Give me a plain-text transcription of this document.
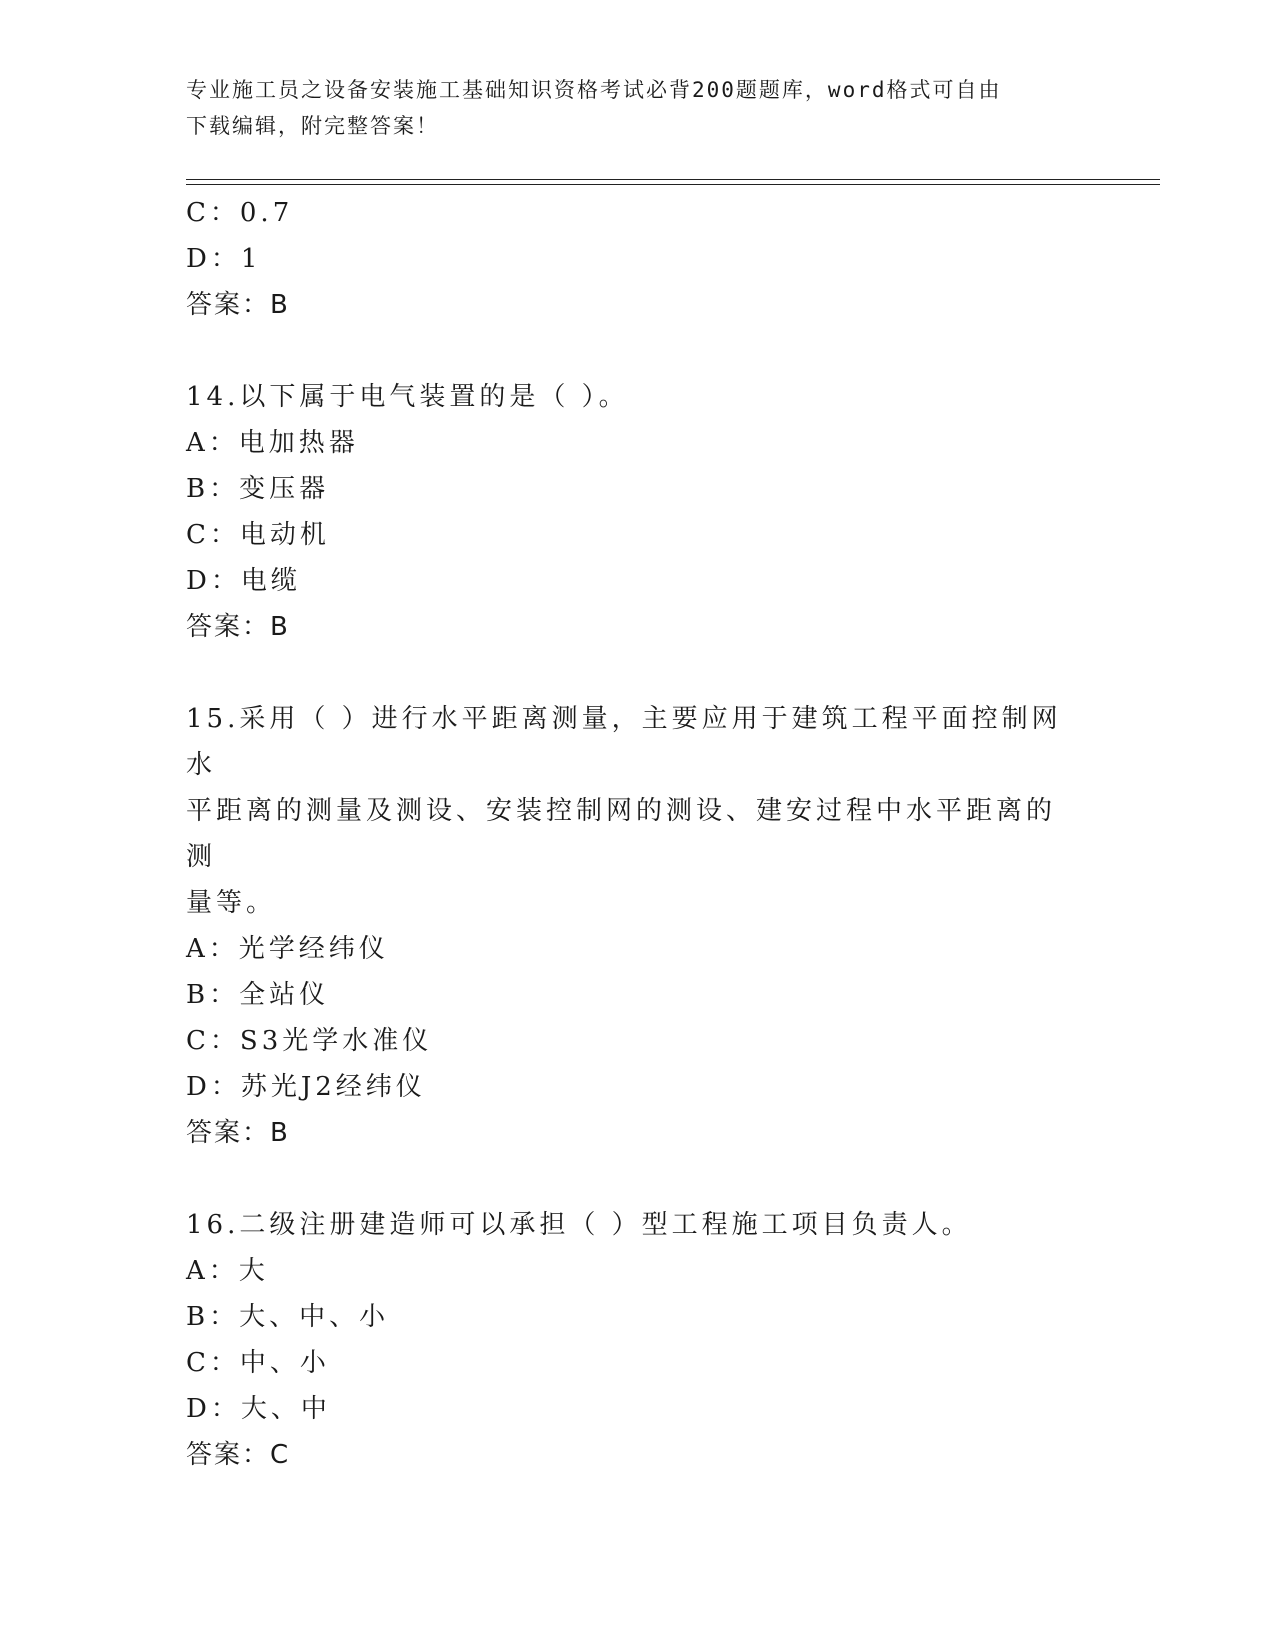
专业施工员之设备安装施工基础知识资格考试必背200题题库，word格式可自由
下载编辑，附完整答案！
C：0.7
D：1
答案：B
14.以下属于电气装置的是（ ）。
A：电加热器
B：变压器
C：电动机
D：电缆
答案：B
15.采用（ ）进行水平距离测量，主要应用于建筑工程平面控制网水
平距离的测量及测设、安装控制网的测设、建安过程中水平距离的测
量等。
A：光学经纬仪
B：全站仪
C：S3光学水准仪
D：苏光J2经纬仪
答案：B
16.二级注册建造师可以承担（ ）型工程施工项目负责人。
A：大
B：大、中、小
C：中、小
D：大、中
答案：C
